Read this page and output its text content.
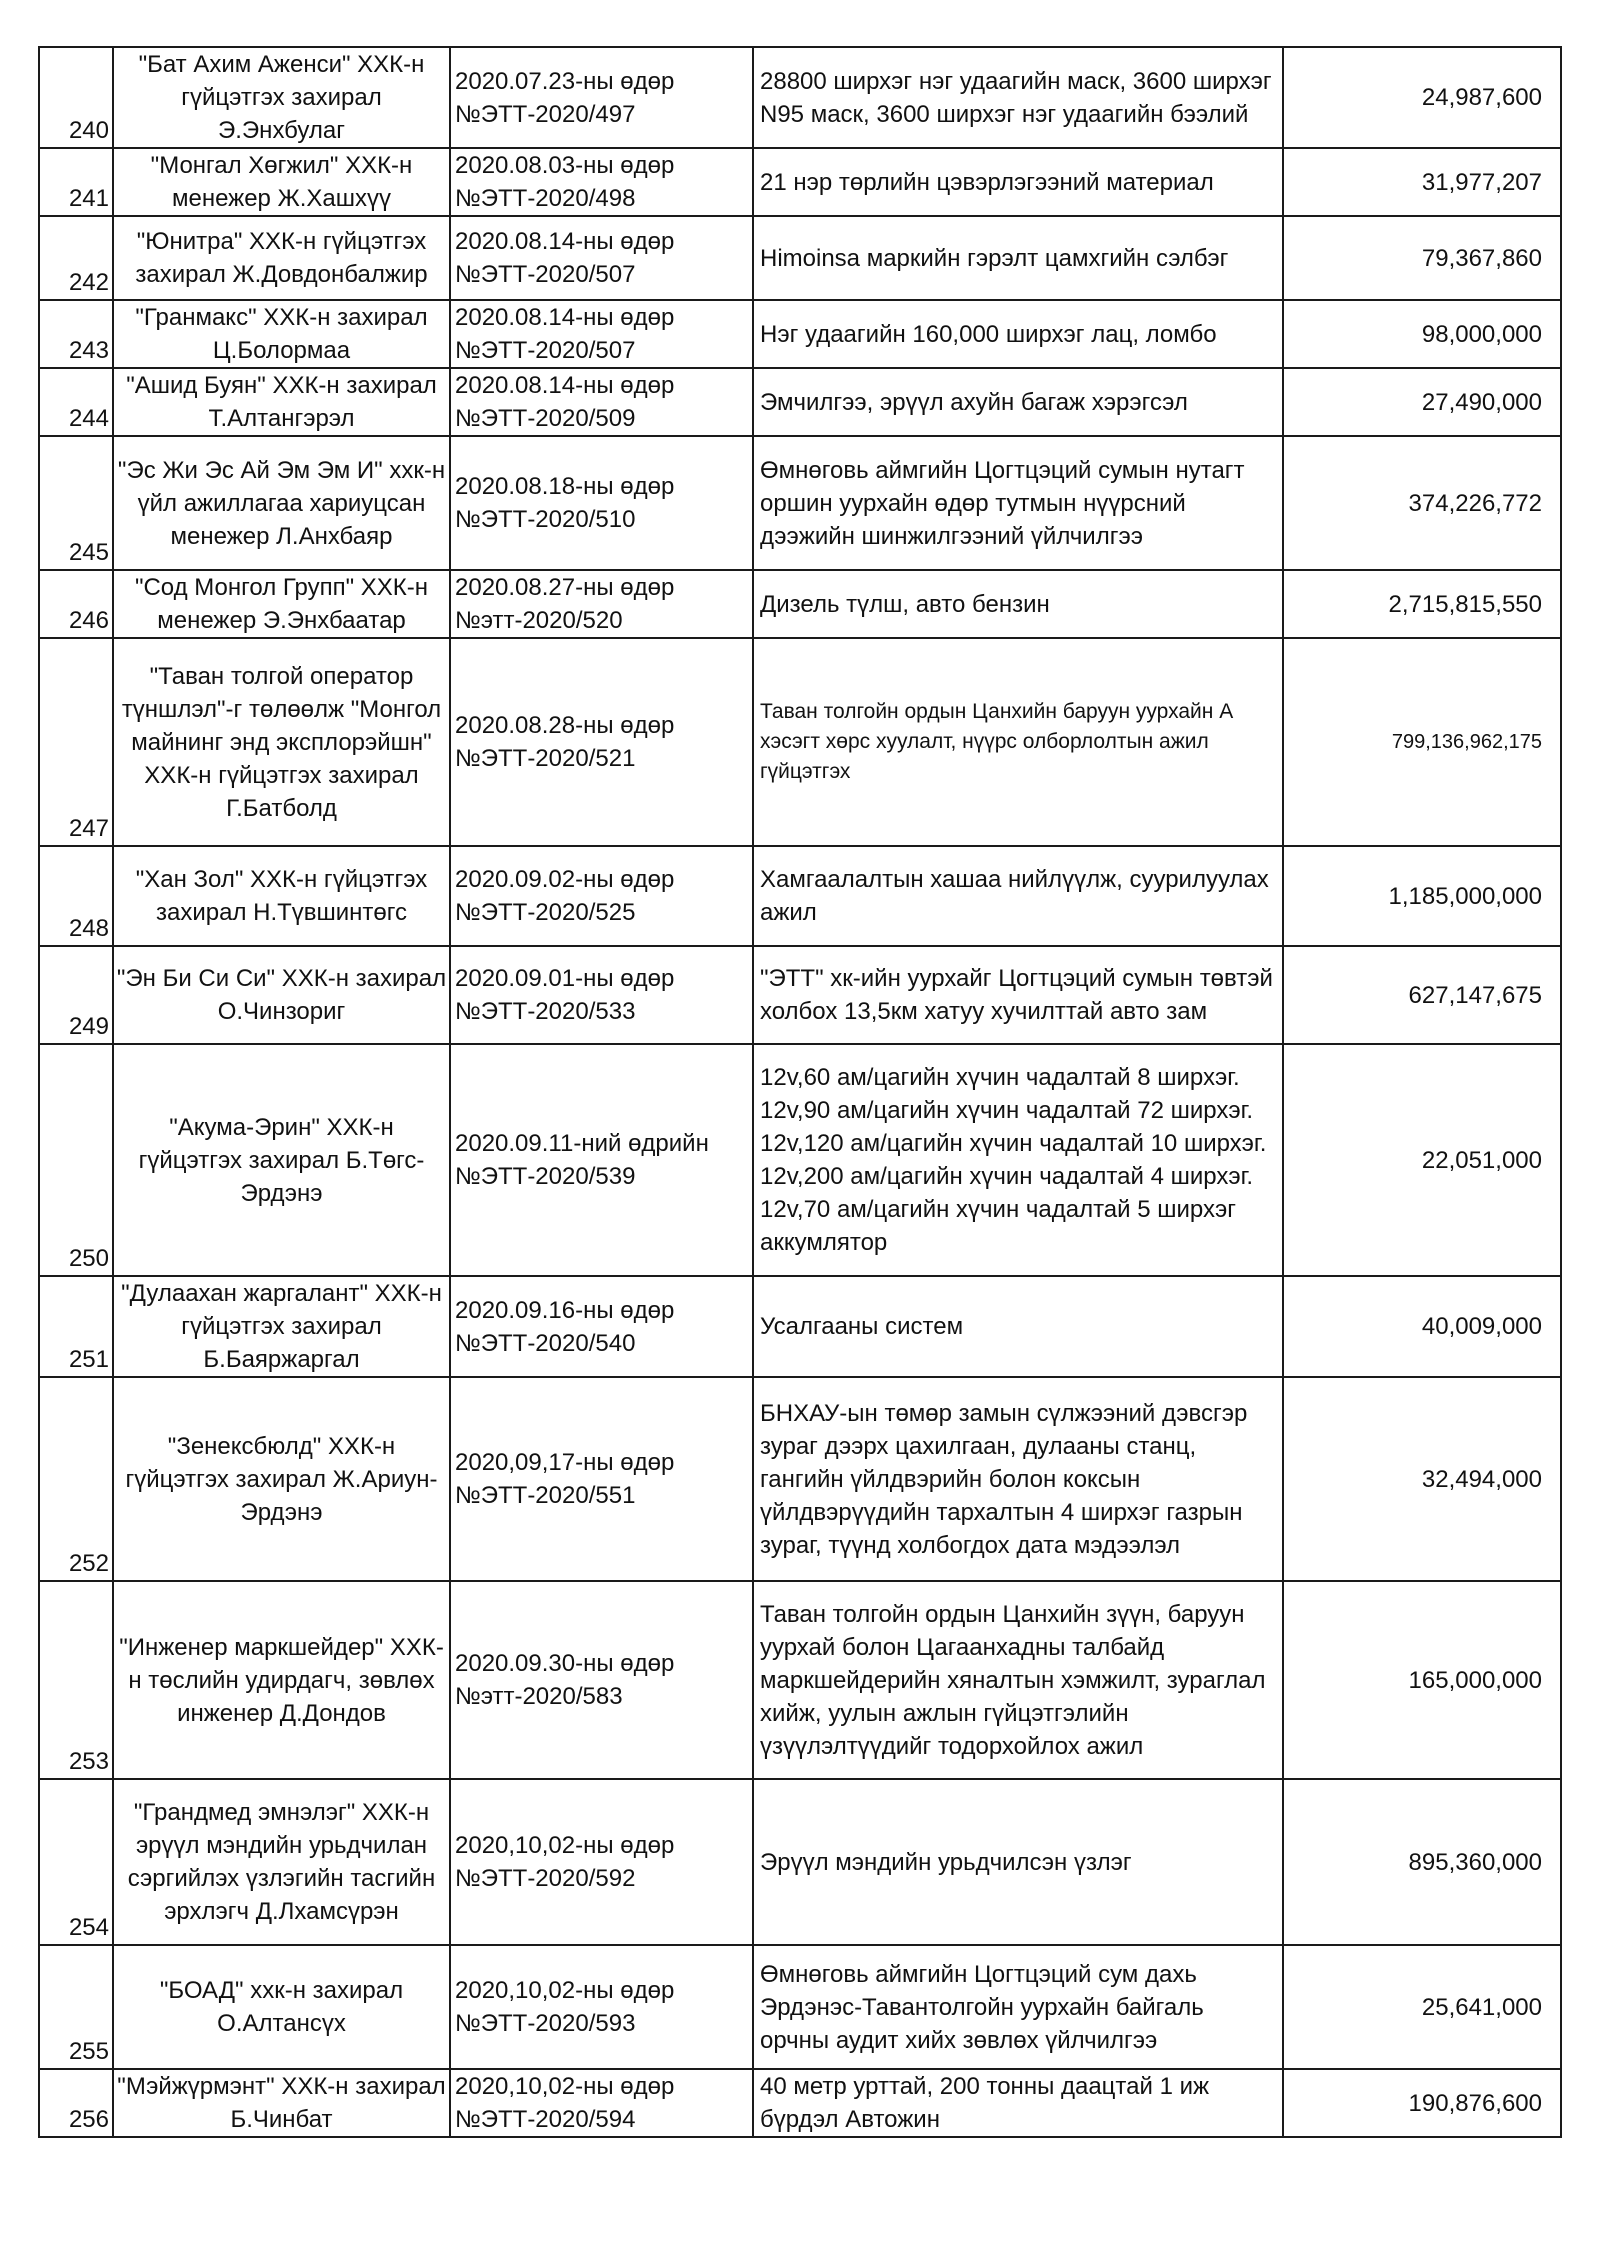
240	"Бат Ахим Аженси" ХХК-н гүйцэтгэх захирал Э.Энхбулаг	2020.07.23-ны өдөр №ЭТТ-2020/497	28800 ширхэг нэг удаагийн маск, 3600 ширхэг N95 маск, 3600 ширхэг нэг удаагийн бээлий	24,987,600
241	"Монгал Хөгжил" ХХК-н менежер Ж.Хашхүү	2020.08.03-ны өдөр №ЭТТ-2020/498	21 нэр төрлийн цэвэрлэгээний материал	31,977,207
242	"Юнитра" ХХК-н гүйцэтгэх захирал Ж.Довдонбалжир	2020.08.14-ны өдөр №ЭТТ-2020/507	Himoinsa маркийн гэрэлт цамхгийн сэлбэг	79,367,860
243	"Гранмакс" ХХК-н захирал Ц.Болормаа	2020.08.14-ны өдөр №ЭТТ-2020/507	Нэг удаагийн 160,000 ширхэг лац, ломбо	98,000,000
244	"Ашид Буян" ХХК-н захирал Т.Алтангэрэл	2020.08.14-ны өдөр №ЭТТ-2020/509	Эмчилгээ, эрүүл ахуйн багаж хэрэгсэл	27,490,000
245	"Эс Жи Эс Ай Эм Эм И" ххк-н үйл ажиллагаа хариуцсан менежер Л.Анхбаяр	2020.08.18-ны өдөр №ЭТТ-2020/510	Өмнөговь аймгийн Цогтцэций сумын нутагт оршин уурхайн өдөр тутмын нүүрсний дээжийн шинжилгээний үйлчилгээ	374,226,772
246	"Сод Монгол Групп" ХХК-н менежер Э.Энхбаатар	2020.08.27-ны өдөр №этт-2020/520	Дизель түлш, авто бензин	2,715,815,550
247	"Таван толгой оператор түншлэл"-г төлөөлж "Монгол майнинг энд эксплорэйшн" ХХК-н гүйцэтгэх захирал Г.Батболд	2020.08.28-ны өдөр №ЭТТ-2020/521	Таван толгойн ордын Цанхийн баруун уурхайн А хэсэгт хөрс хуулалт, нүүрс олборлолтын ажил гүйцэтгэх	799,136,962,175
248	"Хан Зол" ХХК-н гүйцэтгэх захирал Н.Түвшинтөгс	2020.09.02-ны өдөр №ЭТТ-2020/525	Хамгаалалтын хашаа нийлүүлж, суурилуулах ажил	1,185,000,000
249	"Эн Би Си Си" ХХК-н захирал О.Чинзориг	2020.09.01-ны өдөр №ЭТТ-2020/533	"ЭТТ" хк-ийн уурхайг Цогтцэций сумын төвтэй холбох 13,5км хатуу хучилттай авто зам	627,147,675
250	"Акума-Эрин" ХХК-н гүйцэтгэх захирал Б.Төгс-Эрдэнэ	2020.09.11-ний өдрийн №ЭТТ-2020/539	12v,60 ам/цагийн хүчин чадалтай 8 ширхэг. 12v,90 ам/цагийн хүчин чадалтай 72 ширхэг. 12v,120 ам/цагийн хүчин чадалтай 10 ширхэг. 12v,200 ам/цагийн хүчин чадалтай 4 ширхэг. 12v,70 ам/цагийн хүчин чадалтай 5 ширхэг аккумлятор	22,051,000
251	"Дулаахан жаргалант" ХХК-н гүйцэтгэх захирал Б.Баяржаргал	2020.09.16-ны өдөр №ЭТТ-2020/540	Усалгааны систем	40,009,000
252	"Зенексбюлд" ХХК-н гүйцэтгэх захирал Ж.Ариун-Эрдэнэ	2020,09,17-ны өдөр №ЭТТ-2020/551	БНХАУ-ын төмөр замын сүлжээний дэвсгэр зураг дээрх цахилгаан, дулааны станц, гангийн үйлдвэрийн болон коксын үйлдвэрүүдийн тархалтын 4 ширхэг газрын зураг, түүнд холбогдох дата мэдээлэл	32,494,000
253	"Инженер маркшейдер" ХХК-н төслийн удирдагч, зөвлөх инженер Д.Дондов	2020.09.30-ны өдөр №этт-2020/583	Таван толгойн ордын Цанхийн зүүн, баруун уурхай болон Цагаанхадны талбайд маркшейдерийн хяналтын хэмжилт, зураглал хийж, уулын ажлын гүйцэтгэлийн үзүүлэлтүүдийг тодорхойлох ажил	165,000,000
254	"Грандмед эмнэлэг" ХХК-н эрүүл мэндийн урьдчилан сэргийлэх үзлэгийн тасгийн эрхлэгч Д.Лхамсүрэн	2020,10,02-ны өдөр №ЭТТ-2020/592	Эрүүл мэндийн урьдчилсэн үзлэг	895,360,000
255	"БОАД" ххк-н захирал О.Алтансүх	2020,10,02-ны өдөр №ЭТТ-2020/593	Өмнөговь аймгийн Цогтцэций сум дахь Эрдэнэс-Тавантолгойн уурхайн байгаль орчны аудит хийх зөвлөх үйлчилгээ	25,641,000
256	"Мэйжүрмэнт" ХХК-н захирал Б.Чинбат	2020,10,02-ны өдөр №ЭТТ-2020/594	40 метр урттай, 200 тонны даацтай 1 иж бүрдэл Автожин	190,876,600
